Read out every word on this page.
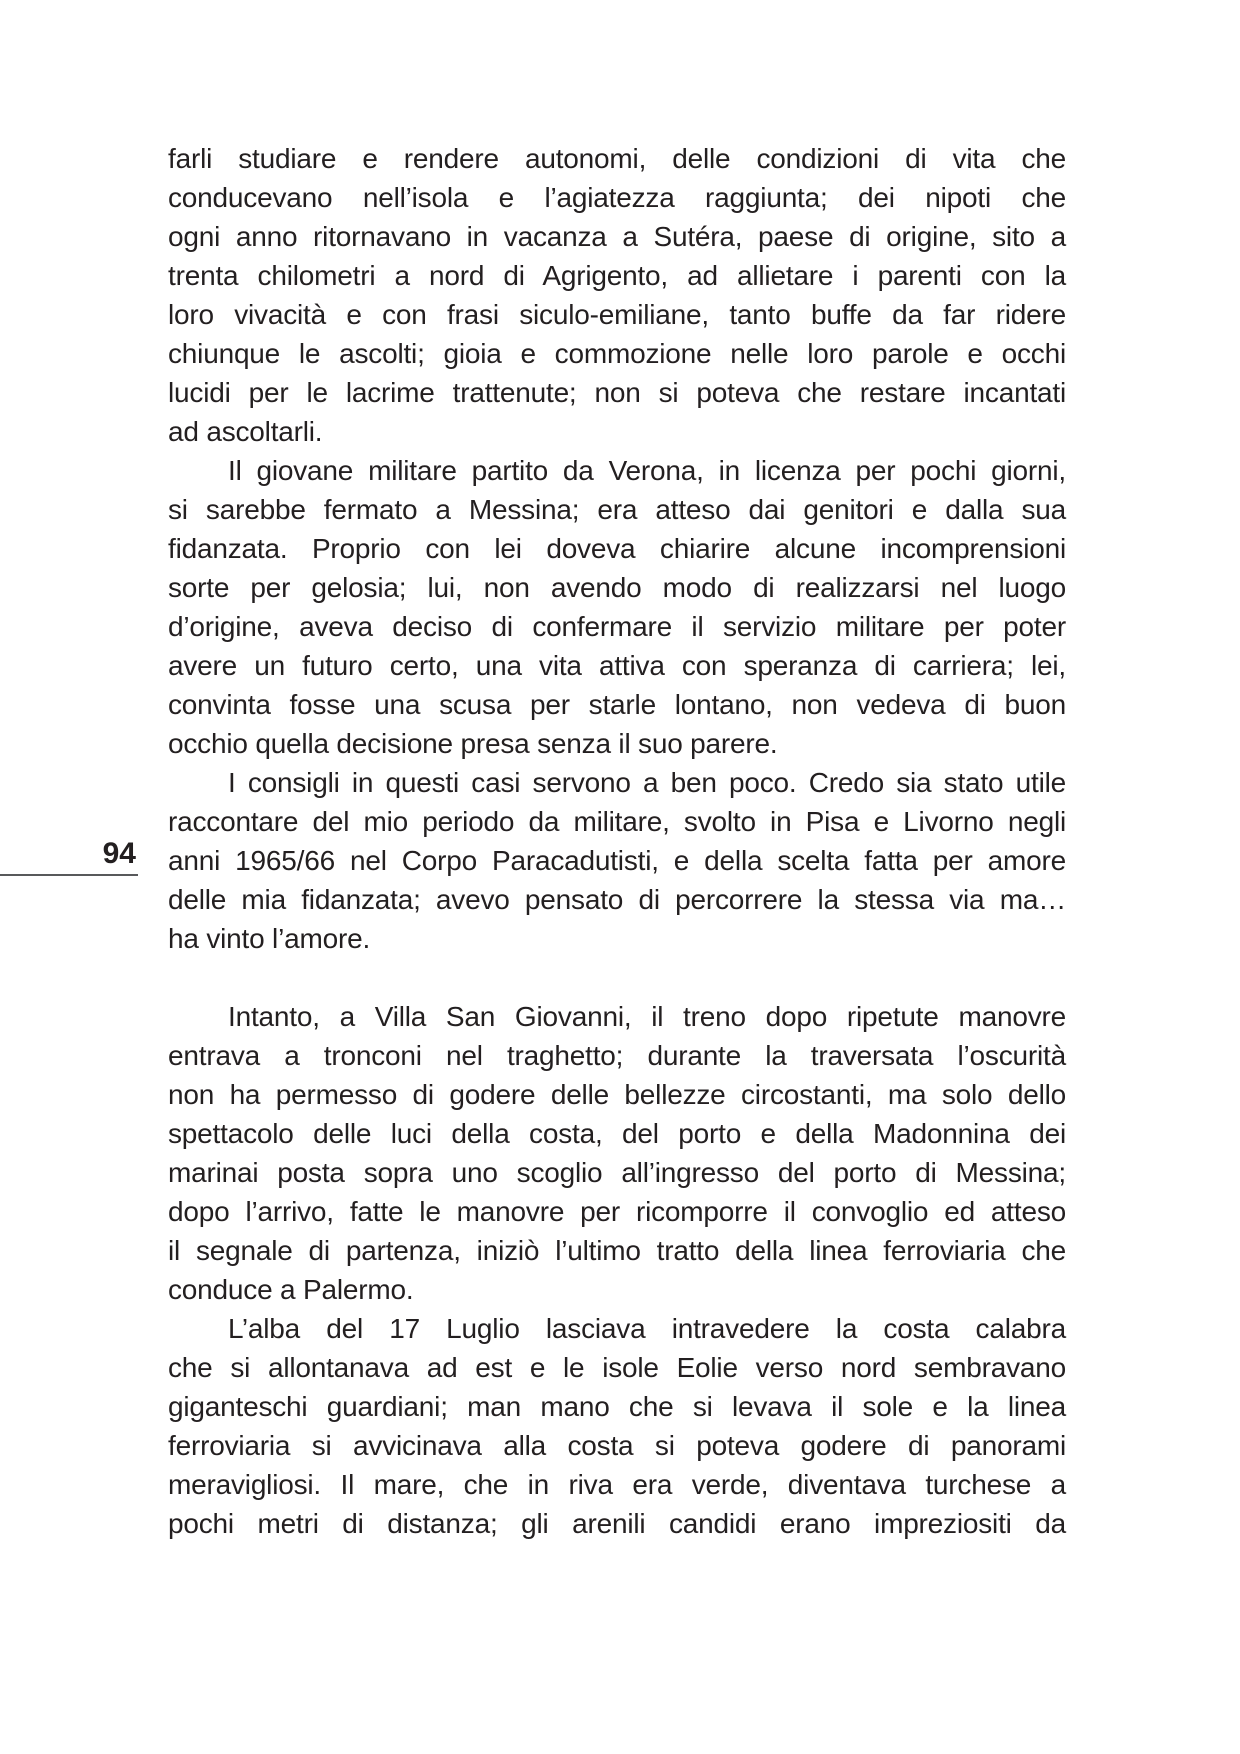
94
farli studiare e rendere autonomi, delle condizioni di vita che
conducevano nell’isola e l’agiatezza raggiunta; dei nipoti che
ogni anno ritornavano in vacanza a Sutéra, paese di origine, sito a
trenta chilometri a nord di Agrigento, ad allietare i parenti con la
loro vivacità e con frasi siculo-emiliane, tanto buffe da far ridere
chiunque le ascolti; gioia e commozione nelle loro parole e occhi
lucidi per le lacrime trattenute; non si poteva che restare incantati
ad ascoltarli.
Il giovane militare partito da Verona, in licenza per pochi giorni,
si sarebbe fermato a Messina; era atteso dai genitori e dalla sua
fidanzata. Proprio con lei doveva chiarire alcune incomprensioni
sorte per gelosia; lui, non avendo modo di realizzarsi nel luogo
d’origine, aveva deciso di confermare il servizio militare per poter
avere un futuro certo, una vita attiva con speranza di carriera; lei,
convinta fosse una scusa per starle lontano, non vedeva di buon
occhio quella decisione presa senza il suo parere.
I consigli in questi casi servono a ben poco. Credo sia stato utile
raccontare del mio periodo da militare, svolto in Pisa e Livorno negli
anni 1965/66 nel Corpo Paracadutisti, e della scelta fatta per amore
delle mia fidanzata; avevo pensato di percorrere la stessa via ma…
ha vinto l’amore.
Intanto, a Villa San Giovanni, il treno dopo ripetute manovre
entrava a tronconi nel traghetto; durante la traversata l’oscurità
non ha permesso di godere delle bellezze circostanti, ma solo dello
spettacolo delle luci della costa, del porto e della Madonnina dei
marinai posta sopra uno scoglio all’ingresso del porto di Messina;
dopo l’arrivo, fatte le manovre per ricomporre il convoglio ed atteso
il segnale di partenza, iniziò l’ultimo tratto della linea ferroviaria che
conduce a Palermo.
L’alba del 17 Luglio lasciava intravedere la costa calabra
che si allontanava ad est e le isole Eolie verso nord sembravano
giganteschi guardiani; man mano che si levava il sole e la linea
ferroviaria si avvicinava alla costa si poteva godere di panorami
meravigliosi. Il mare, che in riva era verde, diventava turchese a
pochi metri di distanza; gli arenili candidi erano impreziositi da
